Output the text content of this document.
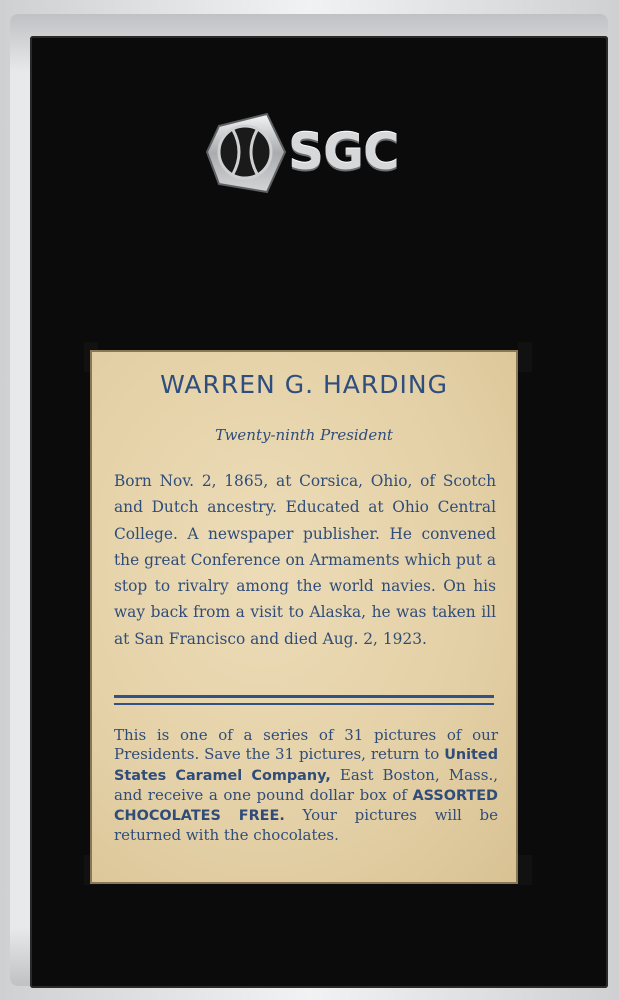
SGC
WARREN G. HARDING
Twenty-ninth President
Born Nov. 2, 1865, at Corsica, Ohio, of Scotch and Dutch ancestry. Educated at Ohio Central College. A newspaper publisher. He convened the great Conference on Armaments which put a stop to rivalry among the world navies. On his way back from a visit to Alaska, he was taken ill at San Francisco and died Aug. 2, 1923.
This is one of a series of 31 pictures of our Presidents. Save the 31 pictures, return to United States Caramel Company, East Boston, Mass., and receive a one pound dollar box of ASSORTED CHOCOLATES FREE. Your pictures will be returned with the chocolates.
